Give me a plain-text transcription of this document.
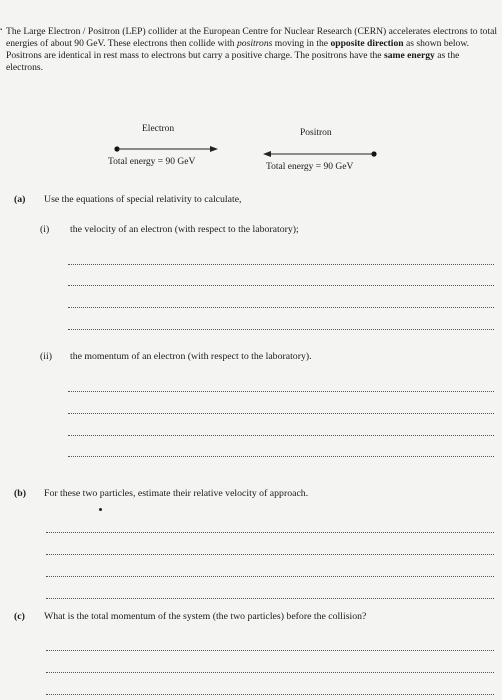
. The Large Electron / Positron (LEP) collider at the European Centre for Nuclear Research (CERN) accelerates electrons to total energies of about 90 GeV. These electrons then collide with positrons moving in the opposite direction as shown below. Positrons are identical in rest mass to electrons but carry a positive charge. The positrons have the same energy as the electrons.
Electron	Positron
Total energy = 90 GeV	Total energy = 90 GeV
(a) Use the equations of special relativity to calculate,
(i) the velocity of an electron (with respect to the laboratory);
(ii) the momentum of an electron (with respect to the laboratory).
(b) For these two particles, estimate their relative velocity of approach.
(c) What is the total momentum of the system (the two particles) before the collision?
